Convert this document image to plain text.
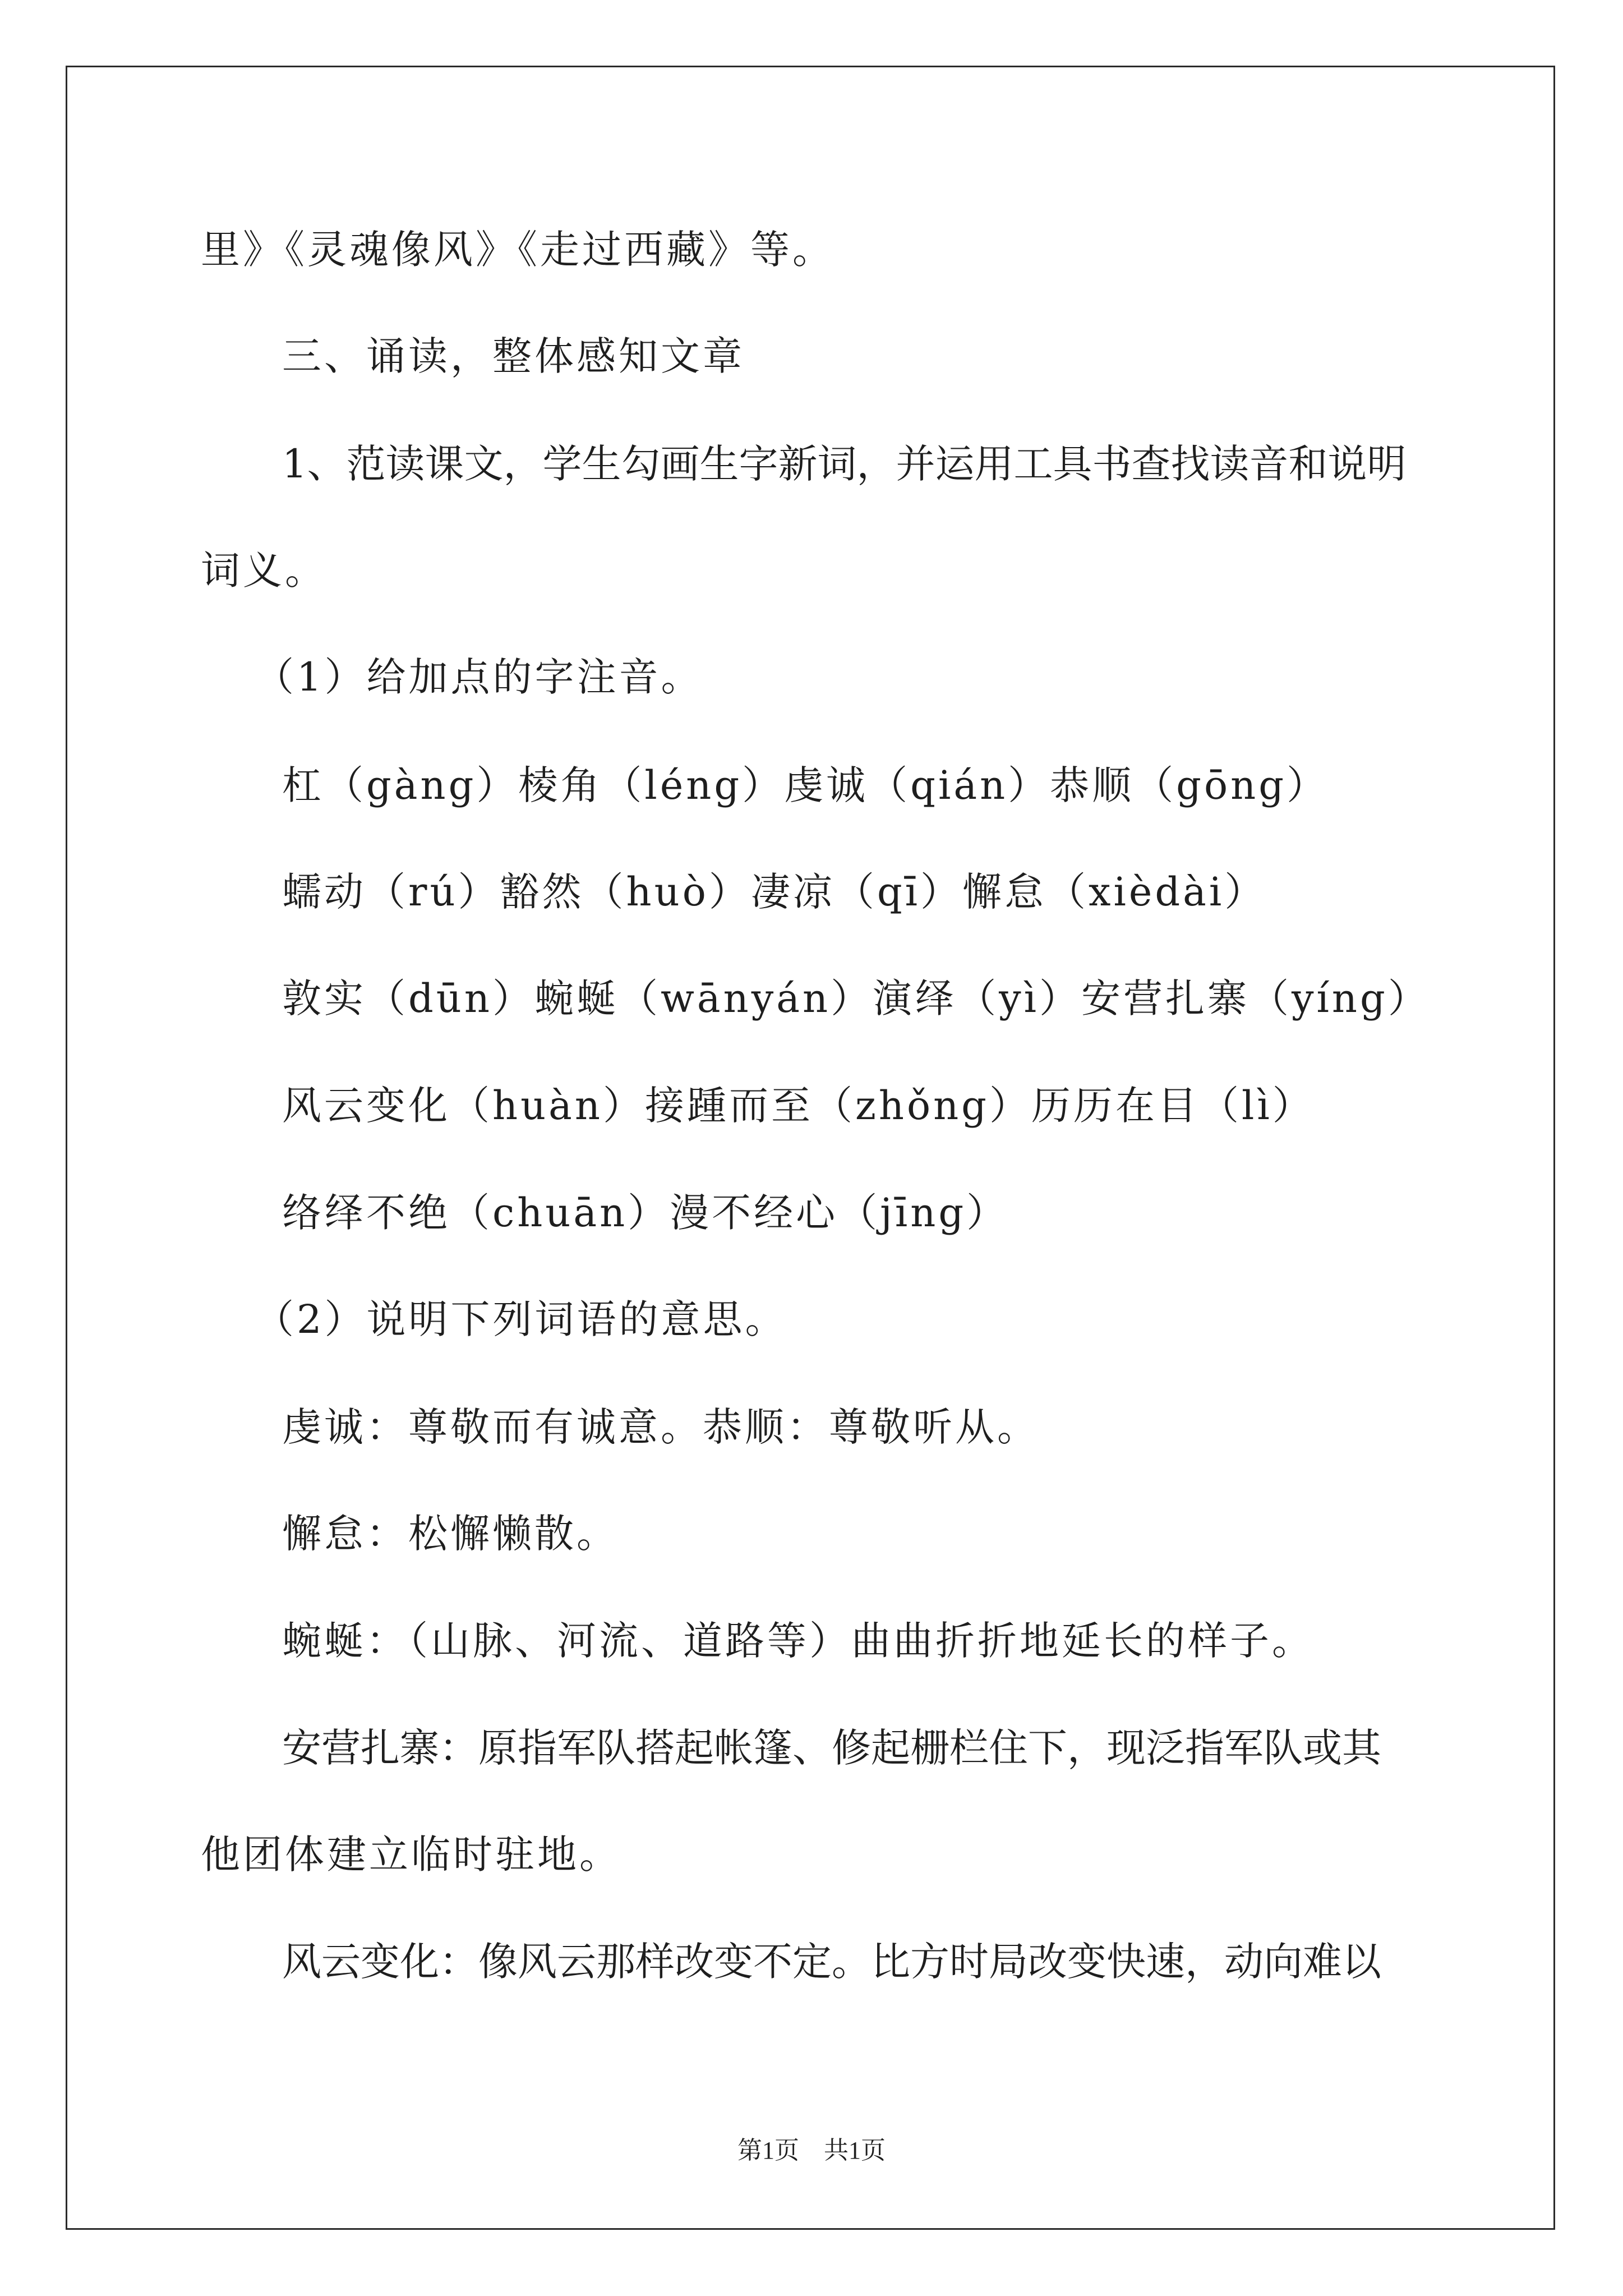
里》《灵魂像风》《走过西藏》等。

三、诵读，整体感知文章

1、范读课文，学生勾画生字新词，并运用工具书查找读音和说明

词义。

（1）给加点的字注音。

杠（gàng）棱角（léng）虔诚（qián）恭顺（gōng）

蠕动（rú）豁然（huò）凄凉（qī）懈怠（xièdài）

敦实（dūn）蜿蜒（wānyán）演绎（yì）安营扎寨（yíng）

风云变化（huàn）接踵而至（zhǒng）历历在目（lì）

络绎不绝（chuān）漫不经心（jīng）

（2）说明下列词语的意思。

虔诚：尊敬而有诚意。恭顺：尊敬听从。

懈怠：松懈懒散。

蜿蜒：（山脉、河流、道路等）曲曲折折地延长的样子。

安营扎寨：原指军队搭起帐篷、修起栅栏住下，现泛指军队或其

他团体建立临时驻地。

风云变化：像风云那样改变不定。比方时局改变快速，动向难以

第1页　共1页
